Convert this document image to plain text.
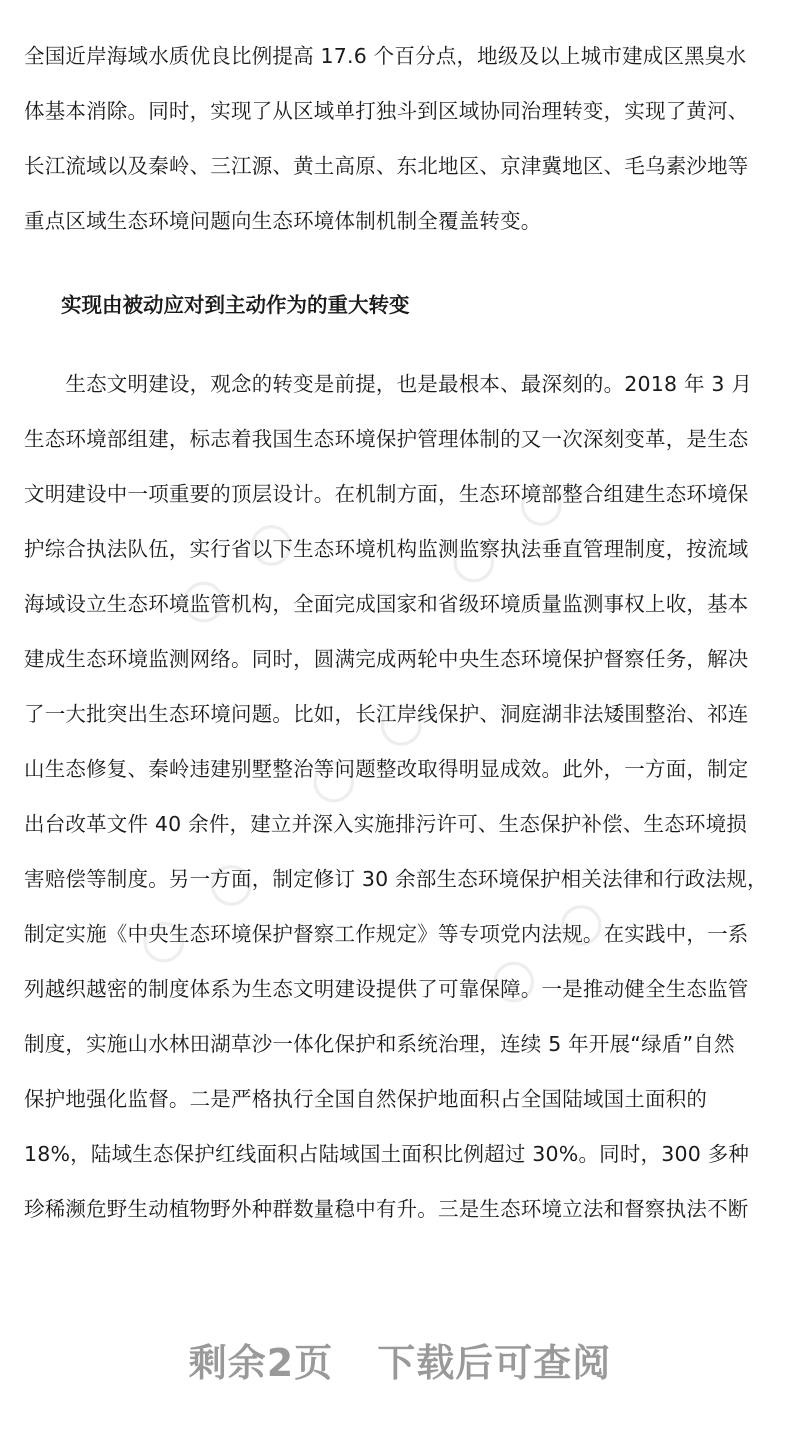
〇　〇	〇　〇
〇　〇
〇　〇	〇　〇
全国近岸海域水质优良比例提高 17.6 个百分点，地级及以上城市建成区黑臭水
体基本消除。同时，实现了从区域单打独斗到区域协同治理转变，实现了黄河、
长江流域以及秦岭、三江源、黄土高原、东北地区、京津冀地区、毛乌素沙地等
重点区域生态环境问题向生态环境体制机制全覆盖转变。
实现由被动应对到主动作为的重大转变
　　生态文明建设，观念的转变是前提，也是最根本、最深刻的。2018 年 3 月
生态环境部组建，标志着我国生态环境保护管理体制的又一次深刻变革，是生态
文明建设中一项重要的顶层设计。在机制方面，生态环境部整合组建生态环境保
护综合执法队伍，实行省以下生态环境机构监测监察执法垂直管理制度，按流域
海域设立生态环境监管机构，全面完成国家和省级环境质量监测事权上收，基本
建成生态环境监测网络。同时，圆满完成两轮中央生态环境保护督察任务，解决
了一大批突出生态环境问题。比如，长江岸线保护、洞庭湖非法矮围整治、祁连
山生态修复、秦岭违建别墅整治等问题整改取得明显成效。此外，一方面，制定
出台改革文件 40 余件，建立并深入实施排污许可、生态保护补偿、生态环境损
害赔偿等制度。另一方面，制定修订 30 余部生态环境保护相关法律和行政法规，
制定实施《中央生态环境保护督察工作规定》等专项党内法规。在实践中，一系
列越织越密的制度体系为生态文明建设提供了可靠保障。一是推动健全生态监管
制度，实施山水林田湖草沙一体化保护和系统治理，连续 5 年开展“绿盾”自然
保护地强化监督。二是严格执行全国自然保护地面积占全国陆域国土面积的
18%，陆域生态保护红线面积占陆域国土面积比例超过 30%。同时，300 多种
珍稀濒危野生动植物野外种群数量稳中有升。三是生态环境立法和督察执法不断
剩余2页 下载后可查阅
